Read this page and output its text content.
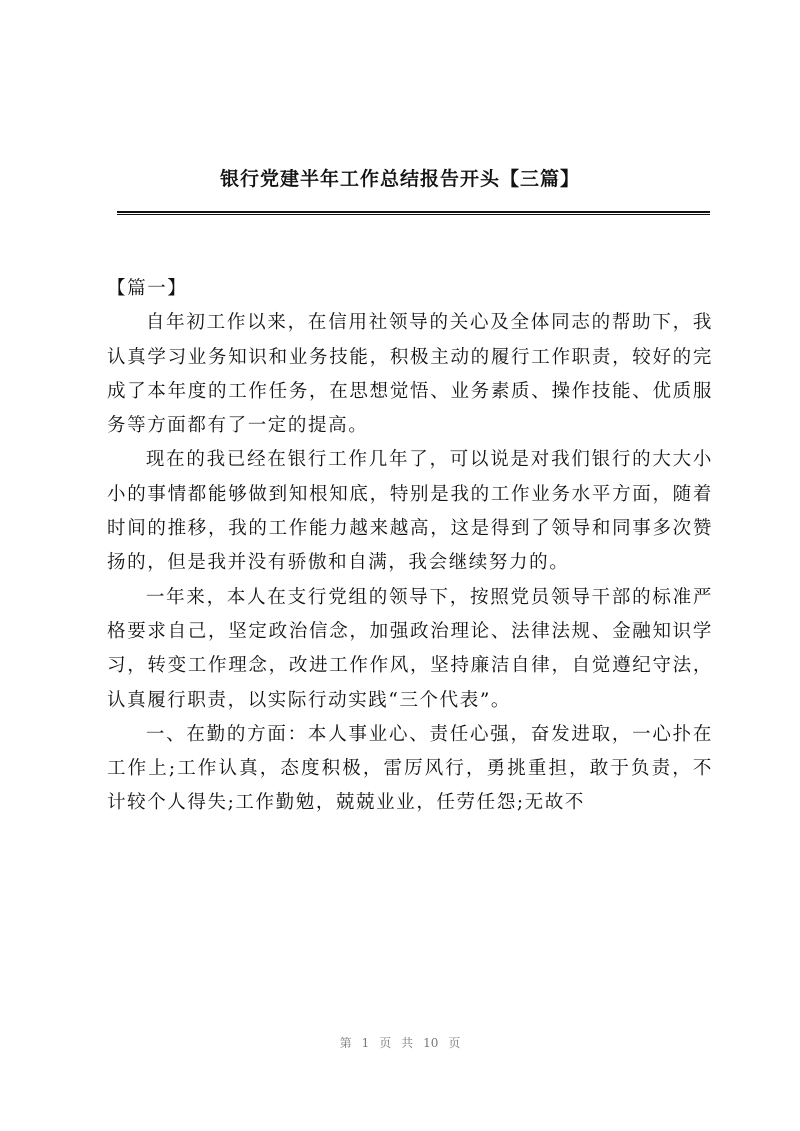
银行党建半年工作总结报告开头【三篇】

【篇一】

自年初工作以来，在信用社领导的关心及全体同志的帮助下，我认真学习业务知识和业务技能，积极主动的履行工作职责，较好的完成了本年度的工作任务，在思想觉悟、业务素质、操作技能、优质服务等方面都有了一定的提高。

现在的我已经在银行工作几年了，可以说是对我们银行的大大小小的事情都能够做到知根知底，特别是我的工作业务水平方面，随着时间的推移，我的工作能力越来越高，这是得到了领导和同事多次赞扬的，但是我并没有骄傲和自满，我会继续努力的。

一年来，本人在支行党组的领导下，按照党员领导干部的标准严格要求自己，坚定政治信念，加强政治理论、法律法规、金融知识学习，转变工作理念，改进工作作风，坚持廉洁自律，自觉遵纪守法，认真履行职责，以实际行动实践“三个代表”。

一、在勤的方面：本人事业心、责任心强，奋发进取，一心扑在工作上;工作认真，态度积极，雷厉风行，勇挑重担，敢于负责，不计较个人得失;工作勤勉，兢兢业业，任劳任怨;无故不

第 1 页 共 10 页
